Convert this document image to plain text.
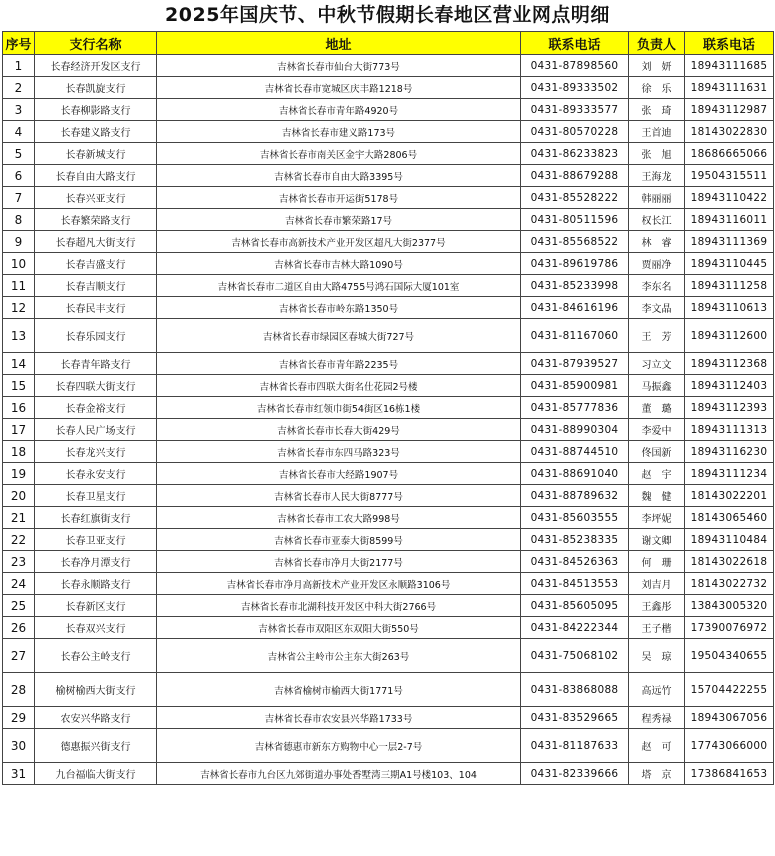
2025年国庆节、中秋节假期长春地区营业网点明细
序号	支行名称	地址	联系电话	负责人	联系电话
1	长春经济开发区支行	吉林省长春市仙台大街773号	0431-87898560	刘　妍	18943111685
2	长春凯旋支行	吉林省长春市宽城区庆丰路1218号	0431-89333502	徐　乐	18943111631
3	长春柳影路支行	吉林省长春市青年路4920号	0431-89333577	张　琦	18943112987
4	长春建义路支行	吉林省长春市建义路173号	0431-80570228	王首迪	18143022830
5	长春新城支行	吉林省长春市南关区金宇大路2806号	0431-86233823	张　旭	18686665066
6	长春自由大路支行	吉林省长春市自由大路3395号	0431-88679288	王海龙	19504315511
7	长春兴亚支行	吉林省长春市开运街5178号	0431-85528222	韩丽丽	18943110422
8	长春繁荣路支行	吉林省长春市繁荣路17号	0431-80511596	权长江	18943116011
9	长春超凡大街支行	吉林省长春市高新技术产业开发区超凡大街2377号	0431-85568522	林　睿	18943111369
10	长春吉盛支行	吉林省长春市吉林大路1090号	0431-89619786	贾丽净	18943110445
11	长春吉顺支行	吉林省长春市二道区自由大路4755号鸿石国际大厦101室	0431-85233998	李东名	18943111258
12	长春民丰支行	吉林省长春市岭东路1350号	0431-84616196	李文晶	18943110613
13	长春乐园支行	吉林省长春市绿园区春城大街727号	0431-81167060	王　芳	18943112600
14	长春青年路支行	吉林省长春市青年路2235号	0431-87939527	习立文	18943112368
15	长春四联大街支行	吉林省长春市四联大街名仕花园2号楼	0431-85900981	马振鑫	18943112403
16	长春金裕支行	吉林省长春市红领巾街54街区16栋1楼	0431-85777836	董　璐	18943112393
17	长春人民广场支行	吉林省长春市长春大街429号	0431-88990304	李爱中	18943111313
18	长春龙兴支行	吉林省长春市东四马路323号	0431-88744510	佟国新	18943116230
19	长春永安支行	吉林省长春市大经路1907号	0431-88691040	赵　宇	18943111234
20	长春卫星支行	吉林省长春市人民大街8777号	0431-88789632	魏　健	18143022201
21	长春红旗街支行	吉林省长春市工农大路998号	0431-85603555	李坪妮	18143065460
22	长春卫亚支行	吉林省长春市亚泰大街8599号	0431-85238335	谢文卿	18943110484
23	长春净月潭支行	吉林省长春市净月大街2177号	0431-84526363	何　珊	18143022618
24	长春永顺路支行	吉林省长春市净月高新技术产业开发区永顺路3106号	0431-84513553	刘吉月	18143022732
25	长春新区支行	吉林省长春市北湖科技开发区中科大街2766号	0431-85605095	王鑫彤	13843005320
26	长春双兴支行	吉林省长春市双阳区东双阳大街550号	0431-84222344	王子楷	17390076972
27	长春公主岭支行	吉林省公主岭市公主东大街263号	0431-75068102	吴　琼	19504340655
28	榆树榆西大街支行	吉林省榆树市榆西大街1771号	0431-83868088	高远竹	15704422255
29	农安兴华路支行	吉林省长春市农安县兴华路1733号	0431-83529665	程秀禄	18943067056
30	德惠振兴街支行	吉林省德惠市新东方购物中心一层2-7号	0431-81187633	赵　可	17743066000
31	九台福临大街支行	吉林省长春市九台区九郊街道办事处香墅湾三期A1号楼103、104	0431-82339666	塔　京	17386841653
